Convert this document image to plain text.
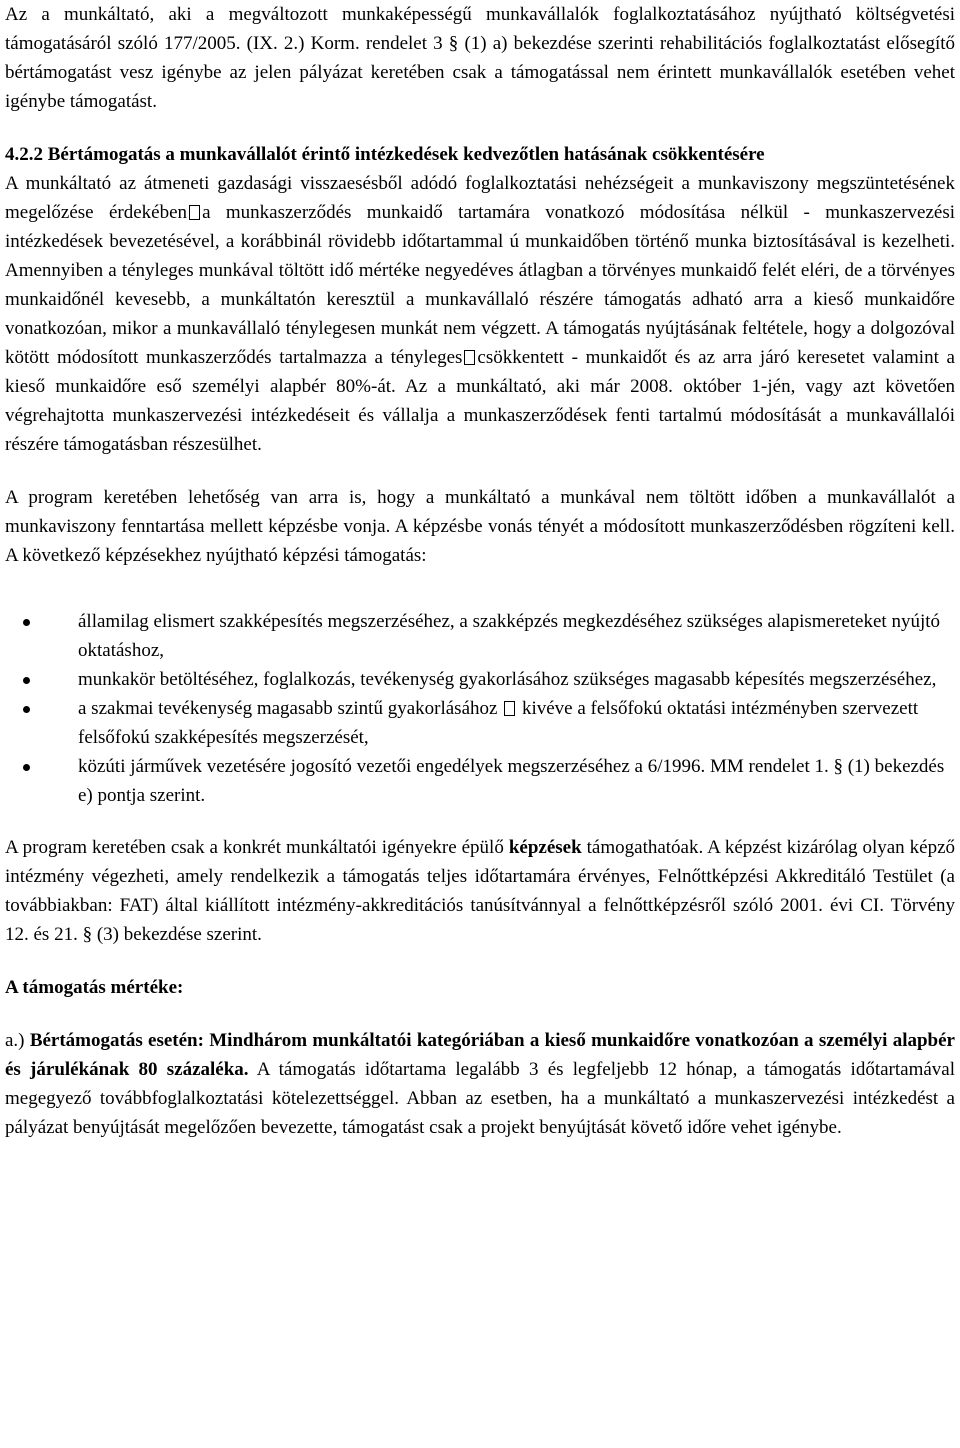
Az a munkáltató, aki a megváltozott munkaképességű munkavállalók foglalkoztatásához nyújtható költségvetési támogatásáról szóló 177/2005. (IX. 2.) Korm. rendelet 3 § (1) a) bekezdése szerinti rehabilitációs foglalkoztatást elősegítő bértámogatást vesz igénybe az jelen pályázat keretében csak a támogatással nem érintett munkavállalók esetében vehet igénybe támogatást.

4.2.2 Bértámogatás a munkavállalót érintő intézkedések kedvezőtlen hatásának csökkentésére

A munkáltató az átmeneti gazdasági visszaesésből adódó foglalkoztatási nehézségeit a munkaviszony megszüntetésének megelőzése érdekében a munkaszerződés munkaidő tartamára vonatkozó módosítása nélkül - munkaszervezési intézkedések bevezetésével, a korábbinál rövidebb időtartammal ú munkaidőben történő munka biztosításával is kezelheti. Amennyiben a tényleges munkával töltött idő mértéke negyedéves átlagban a törvényes munkaidő felét eléri, de a törvényes munkaidőnél kevesebb, a munkáltatón keresztül a munkavállaló részére támogatás adható arra a kieső munkaidőre vonatkozóan, mikor a munkavállaló ténylegesen munkát nem végzett. A támogatás nyújtásának feltétele, hogy a dolgozóval kötött módosított munkaszerződés tartalmazza a tényleges csökkentett - munkaidőt és az arra járó keresetet valamint a kieső munkaidőre eső személyi alapbér 80%-át. Az a munkáltató, aki már 2008. október 1-jén, vagy azt követően végrehajtotta munkaszervezési intézkedéseit és vállalja a munkaszerződések fenti tartalmú módosítását a munkavállalói részére támogatásban részesülhet.

A program keretében lehetőség van arra is, hogy a munkáltató a munkával nem töltött időben a munkavállalót a munkaviszony fenntartása mellett képzésbe vonja. A képzésbe vonás tényét a módosított munkaszerződésben rögzíteni kell. A következő képzésekhez nyújtható képzési támogatás:

államilag elismert szakképesítés megszerzéséhez, a szakképzés megkezdéséhez szükséges alapismereteket nyújtó oktatáshoz,
munkakör betöltéséhez, foglalkozás, tevékenység gyakorlásához szükséges magasabb képesítés megszerzéséhez,
a szakmai tevékenység magasabb szintű gyakorlásához kivéve a felsőfokú oktatási intézményben szervezett felsőfokú szakképesítés megszerzését,
közúti járművek vezetésére jogosító vezetői engedélyek megszerzéséhez a 6/1996. MM rendelet 1. § (1) bekezdés e) pontja szerint.

A program keretében csak a konkrét munkáltatói igényekre épülő képzések támogathatóak. A képzést kizárólag olyan képző intézmény végezheti, amely rendelkezik a támogatás teljes időtartamára érvényes, Felnőttképzési Akkreditáló Testület (a továbbiakban: FAT) által kiállított intézmény-akkreditációs tanúsítvánnyal a felnőttképzésről szóló 2001. évi CI. Törvény 12. és 21. § (3) bekezdése szerint.

A támogatás mértéke:

a.) Bértámogatás esetén: Mindhárom munkáltatói kategóriában a kieső munkaidőre vonatkozóan a személyi alapbér és járulékának 80 százaléka. A támogatás időtartama legalább 3 és legfeljebb 12 hónap, a támogatás időtartamával megegyező továbbfoglalkoztatási kötelezettséggel. Abban az esetben, ha a munkáltató a munkaszervezési intézkedést a pályázat benyújtását megelőzően bevezette, támogatást csak a projekt benyújtását követő időre vehet igénybe.
